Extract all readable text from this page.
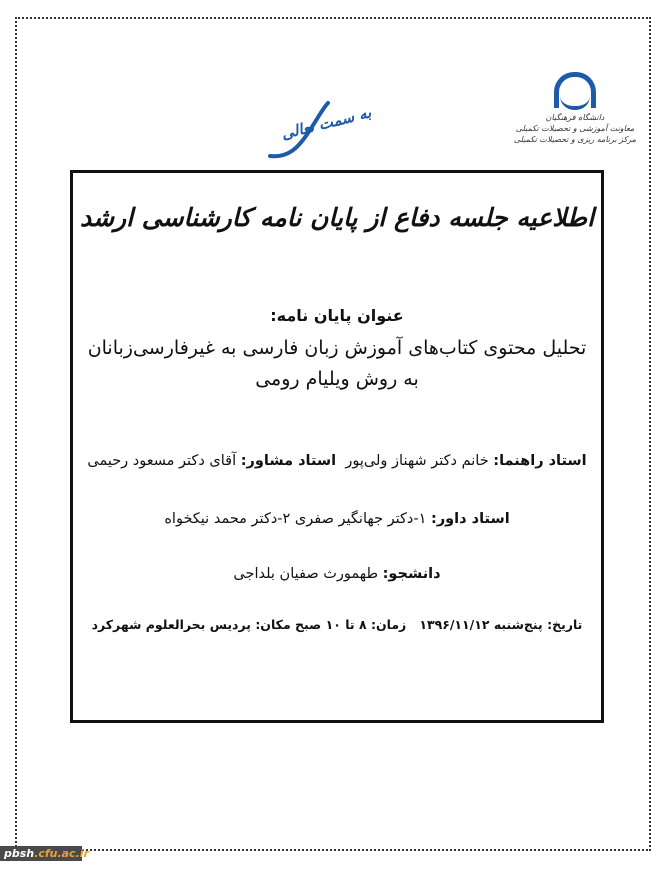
دانشگاه فرهنگیان
معاونت آموزشی و تحصیلات تکمیلی
مرکز برنامه ریزی و تحصیلات تکمیلی
به سمت تعالی
اطلاعیه جلسه دفاع از پایان نامه کارشناسی ارشد
عنوان پایان نامه:
تحلیل محتوی کتاب‌های آموزش زبان فارسی به غیرفارسی‌زبانان به روش ویلیام رومی
استاد راهنما: خانم دکتر شهناز ولی‌پور  استاد مشاور: آقای دکتر مسعود رحیمی
استاد داور: ۱-دکتر جهانگیر صفری ۲-دکتر محمد نیکخواه
دانشجو: طهمورث صفیان بلداجی
تاریخ: پنج‌شنبه ۱۳۹۶/۱۱/۱۲   زمان: ۸ تا ۱۰ صبح مکان: پردیس بحرالعلوم شهرکرد
pbsh.cfu.ac.ir
